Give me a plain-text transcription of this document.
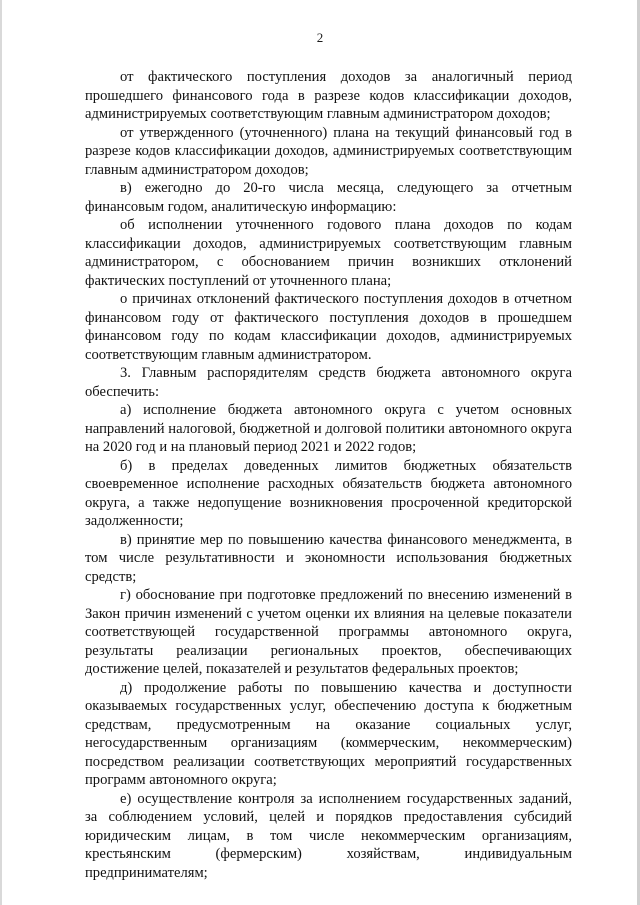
2

от фактического поступления доходов за аналогичный период прошедшего финансового года в разрезе кодов классификации доходов, администрируемых соответствующим главным администратором доходов;

от утвержденного (уточненного) плана на текущий финансовый год в разрезе кодов классификации доходов, администрируемых соответствующим главным администратором доходов;

в) ежегодно до 20-го числа месяца, следующего за отчетным финансовым годом, аналитическую информацию:

об исполнении уточненного годового плана доходов по кодам классификации доходов, администрируемых соответствующим главным администратором, с обоснованием причин возникших отклонений фактических поступлений от уточненного плана;

о причинах отклонений фактического поступления доходов в отчетном финансовом году от фактического поступления доходов в прошедшем финансовом году по кодам классификации доходов, администрируемых соответствующим главным администратором.

3. Главным распорядителям средств бюджета автономного округа обеспечить:

а) исполнение бюджета автономного округа с учетом основных направлений налоговой, бюджетной и долговой политики автономного округа на 2020 год и на плановый период 2021 и 2022 годов;

б) в пределах доведенных лимитов бюджетных обязательств своевременное исполнение расходных обязательств бюджета автономного округа, а также недопущение возникновения просроченной кредиторской задолженности;

в) принятие мер по повышению качества финансового менеджмента, в том числе результативности и экономности использования бюджетных средств;

г) обоснование при подготовке предложений по внесению изменений в Закон причин изменений с учетом оценки их влияния на целевые показатели соответствующей государственной программы автономного округа, результаты реализации региональных проектов, обеспечивающих достижение целей, показателей и результатов федеральных проектов;

д) продолжение работы по повышению качества и доступности оказываемых государственных услуг, обеспечению доступа к бюджетным средствам, предусмотренным на оказание социальных услуг, негосударственным организациям (коммерческим, некоммерческим) посредством реализации соответствующих мероприятий государственных программ автономного округа;

е) осуществление контроля за исполнением государственных заданий, за соблюдением условий, целей и порядков предоставления субсидий юридическим лицам, в том числе некоммерческим организациям, крестьянским (фермерским) хозяйствам, индивидуальным предпринимателям;
